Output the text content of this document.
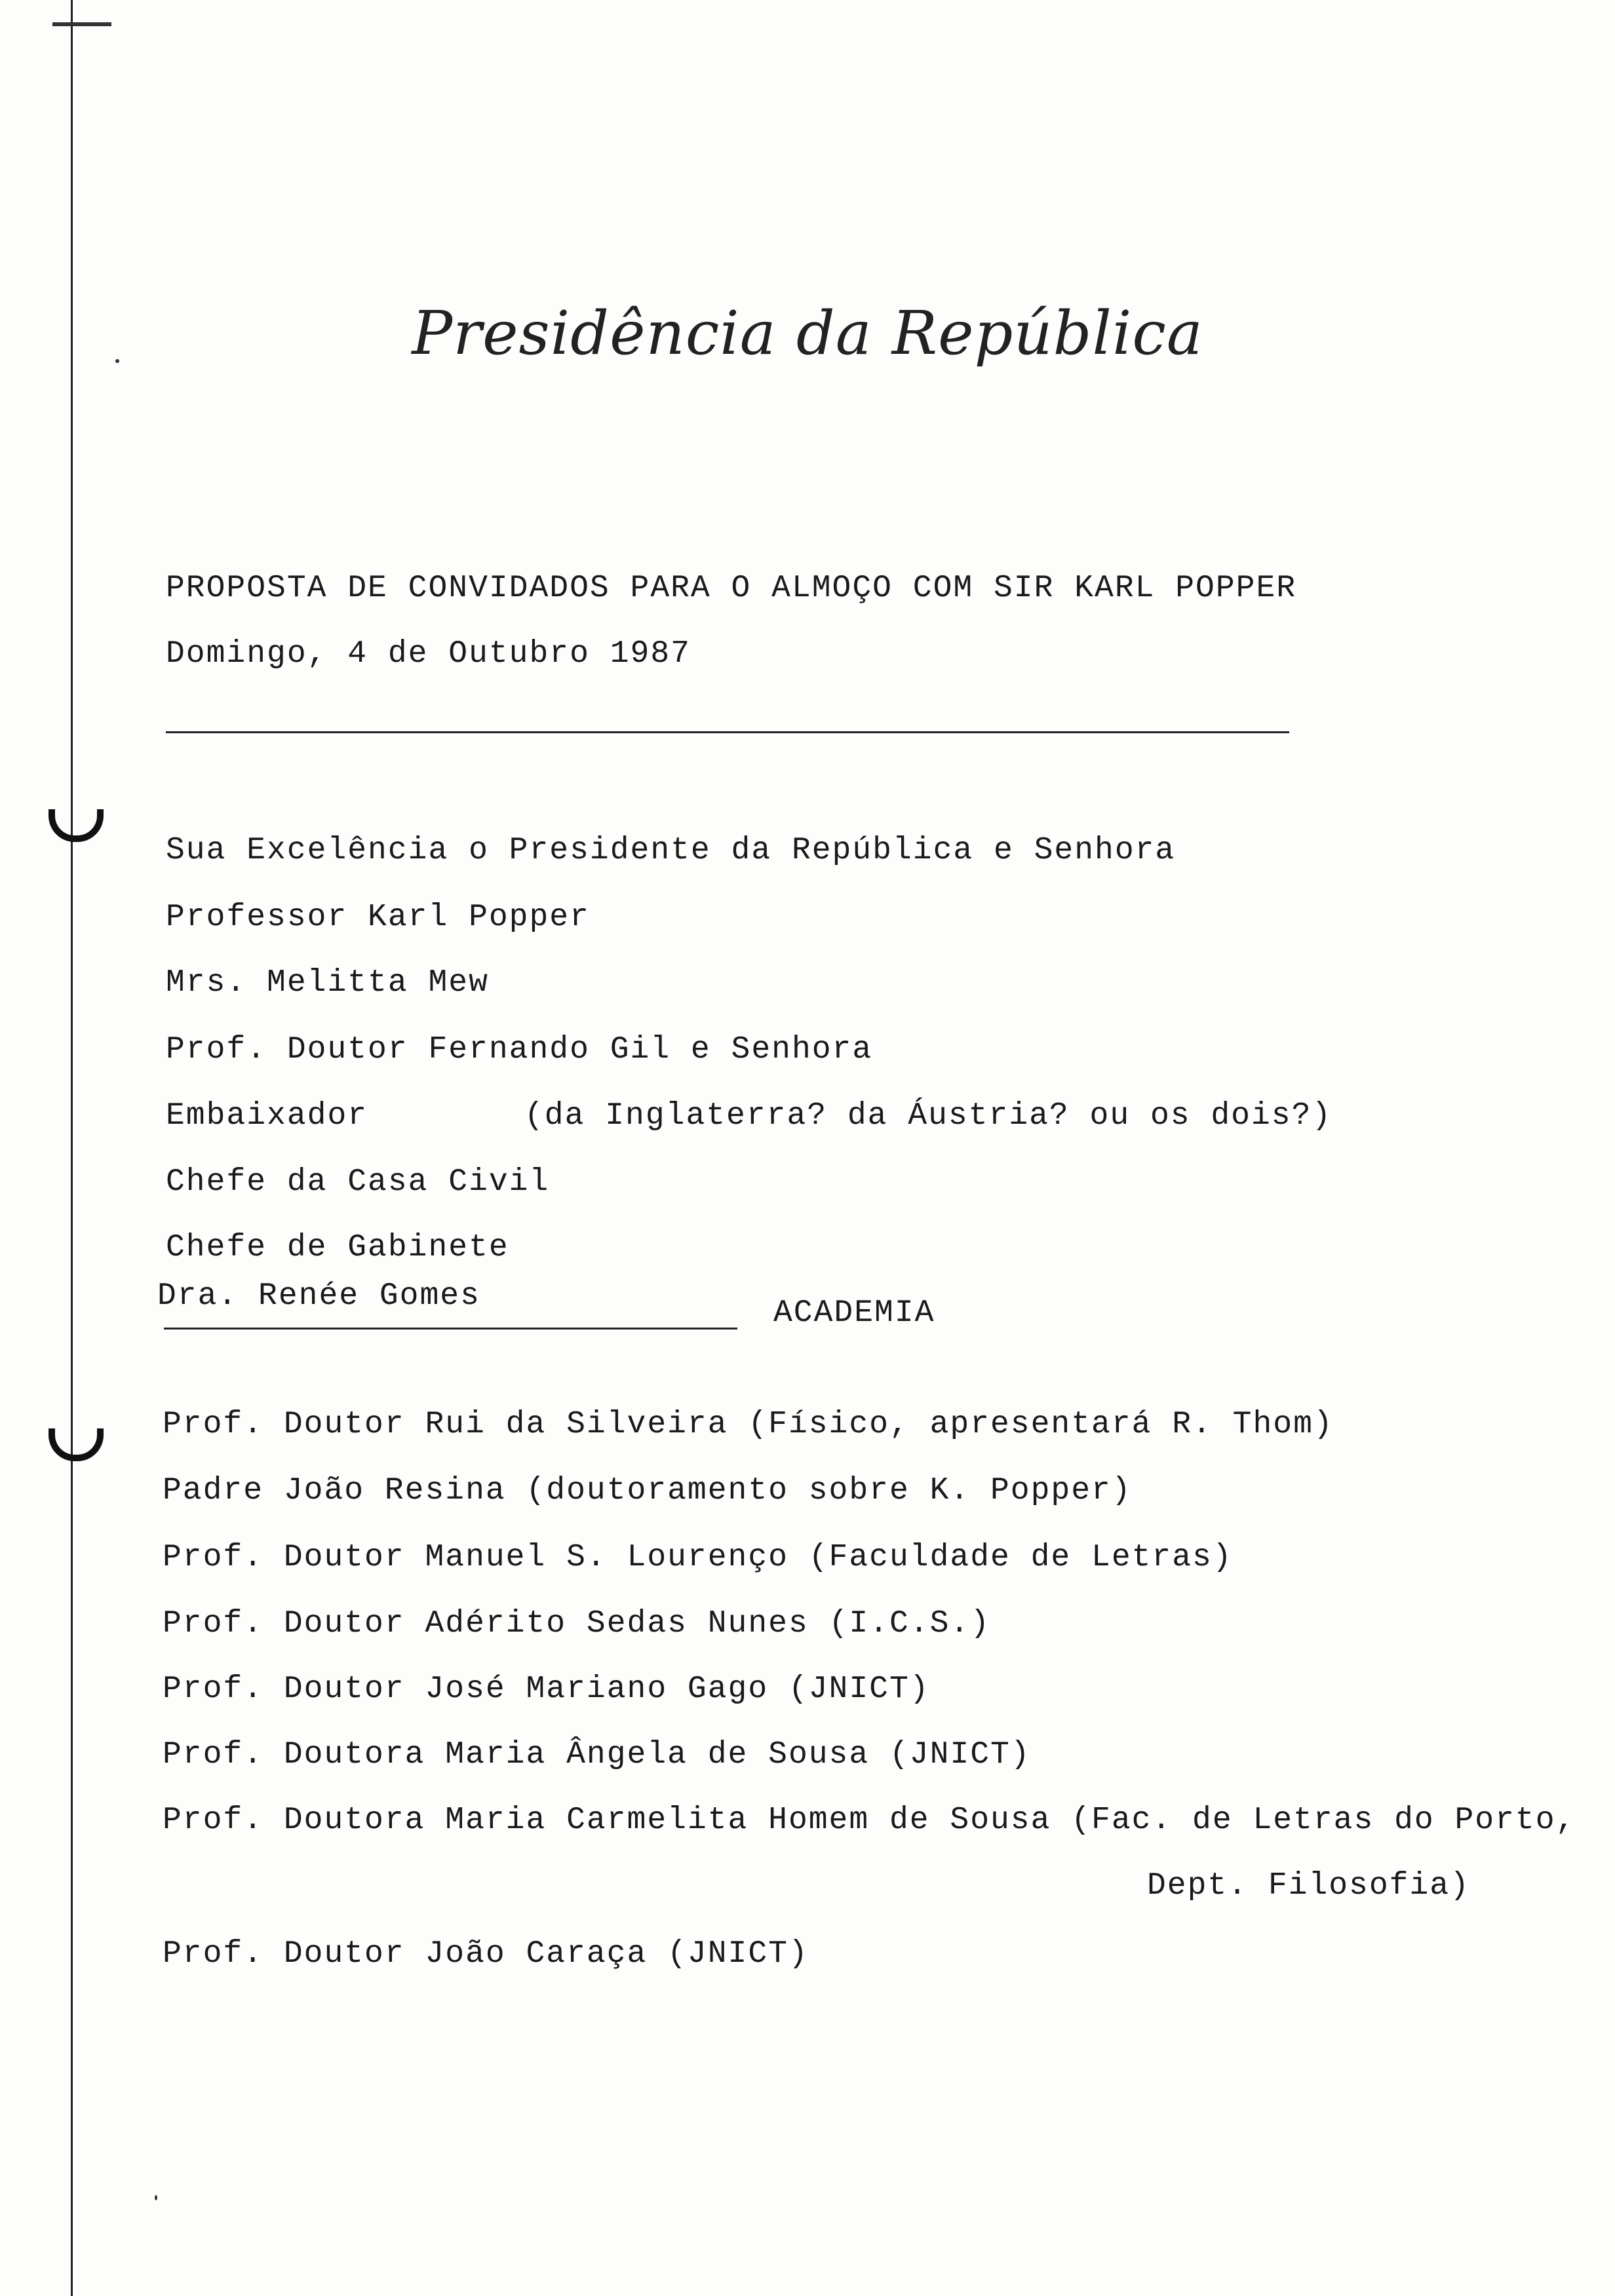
Presidência da República
PROPOSTA DE CONVIDADOS PARA O ALMOÇO COM SIR KARL POPPER
Domingo, 4 de Outubro 1987
Sua Excelência o Presidente da República e Senhora
Professor Karl Popper
Mrs. Melitta Mew
Prof. Doutor Fernando Gil e Senhora
Embaixador	(da Inglaterra? da Áustria? ou os dois?)
Chefe da Casa Civil
Chefe de Gabinete
Dra. Renée Gomes	ACADEMIA
Prof. Doutor Rui da Silveira (Físico, apresentará R. Thom)
Padre João Resina (doutoramento sobre K. Popper)
Prof. Doutor Manuel S. Lourenço (Faculdade de Letras)
Prof. Doutor Adérito Sedas Nunes (I.C.S.)
Prof. Doutor José Mariano Gago (JNICT)
Prof. Doutora Maria Ângela de Sousa (JNICT)
Prof. Doutora Maria Carmelita Homem de Sousa (Fac. de Letras do Porto,
Dept. Filosofia)
Prof. Doutor João Caraça (JNICT)
